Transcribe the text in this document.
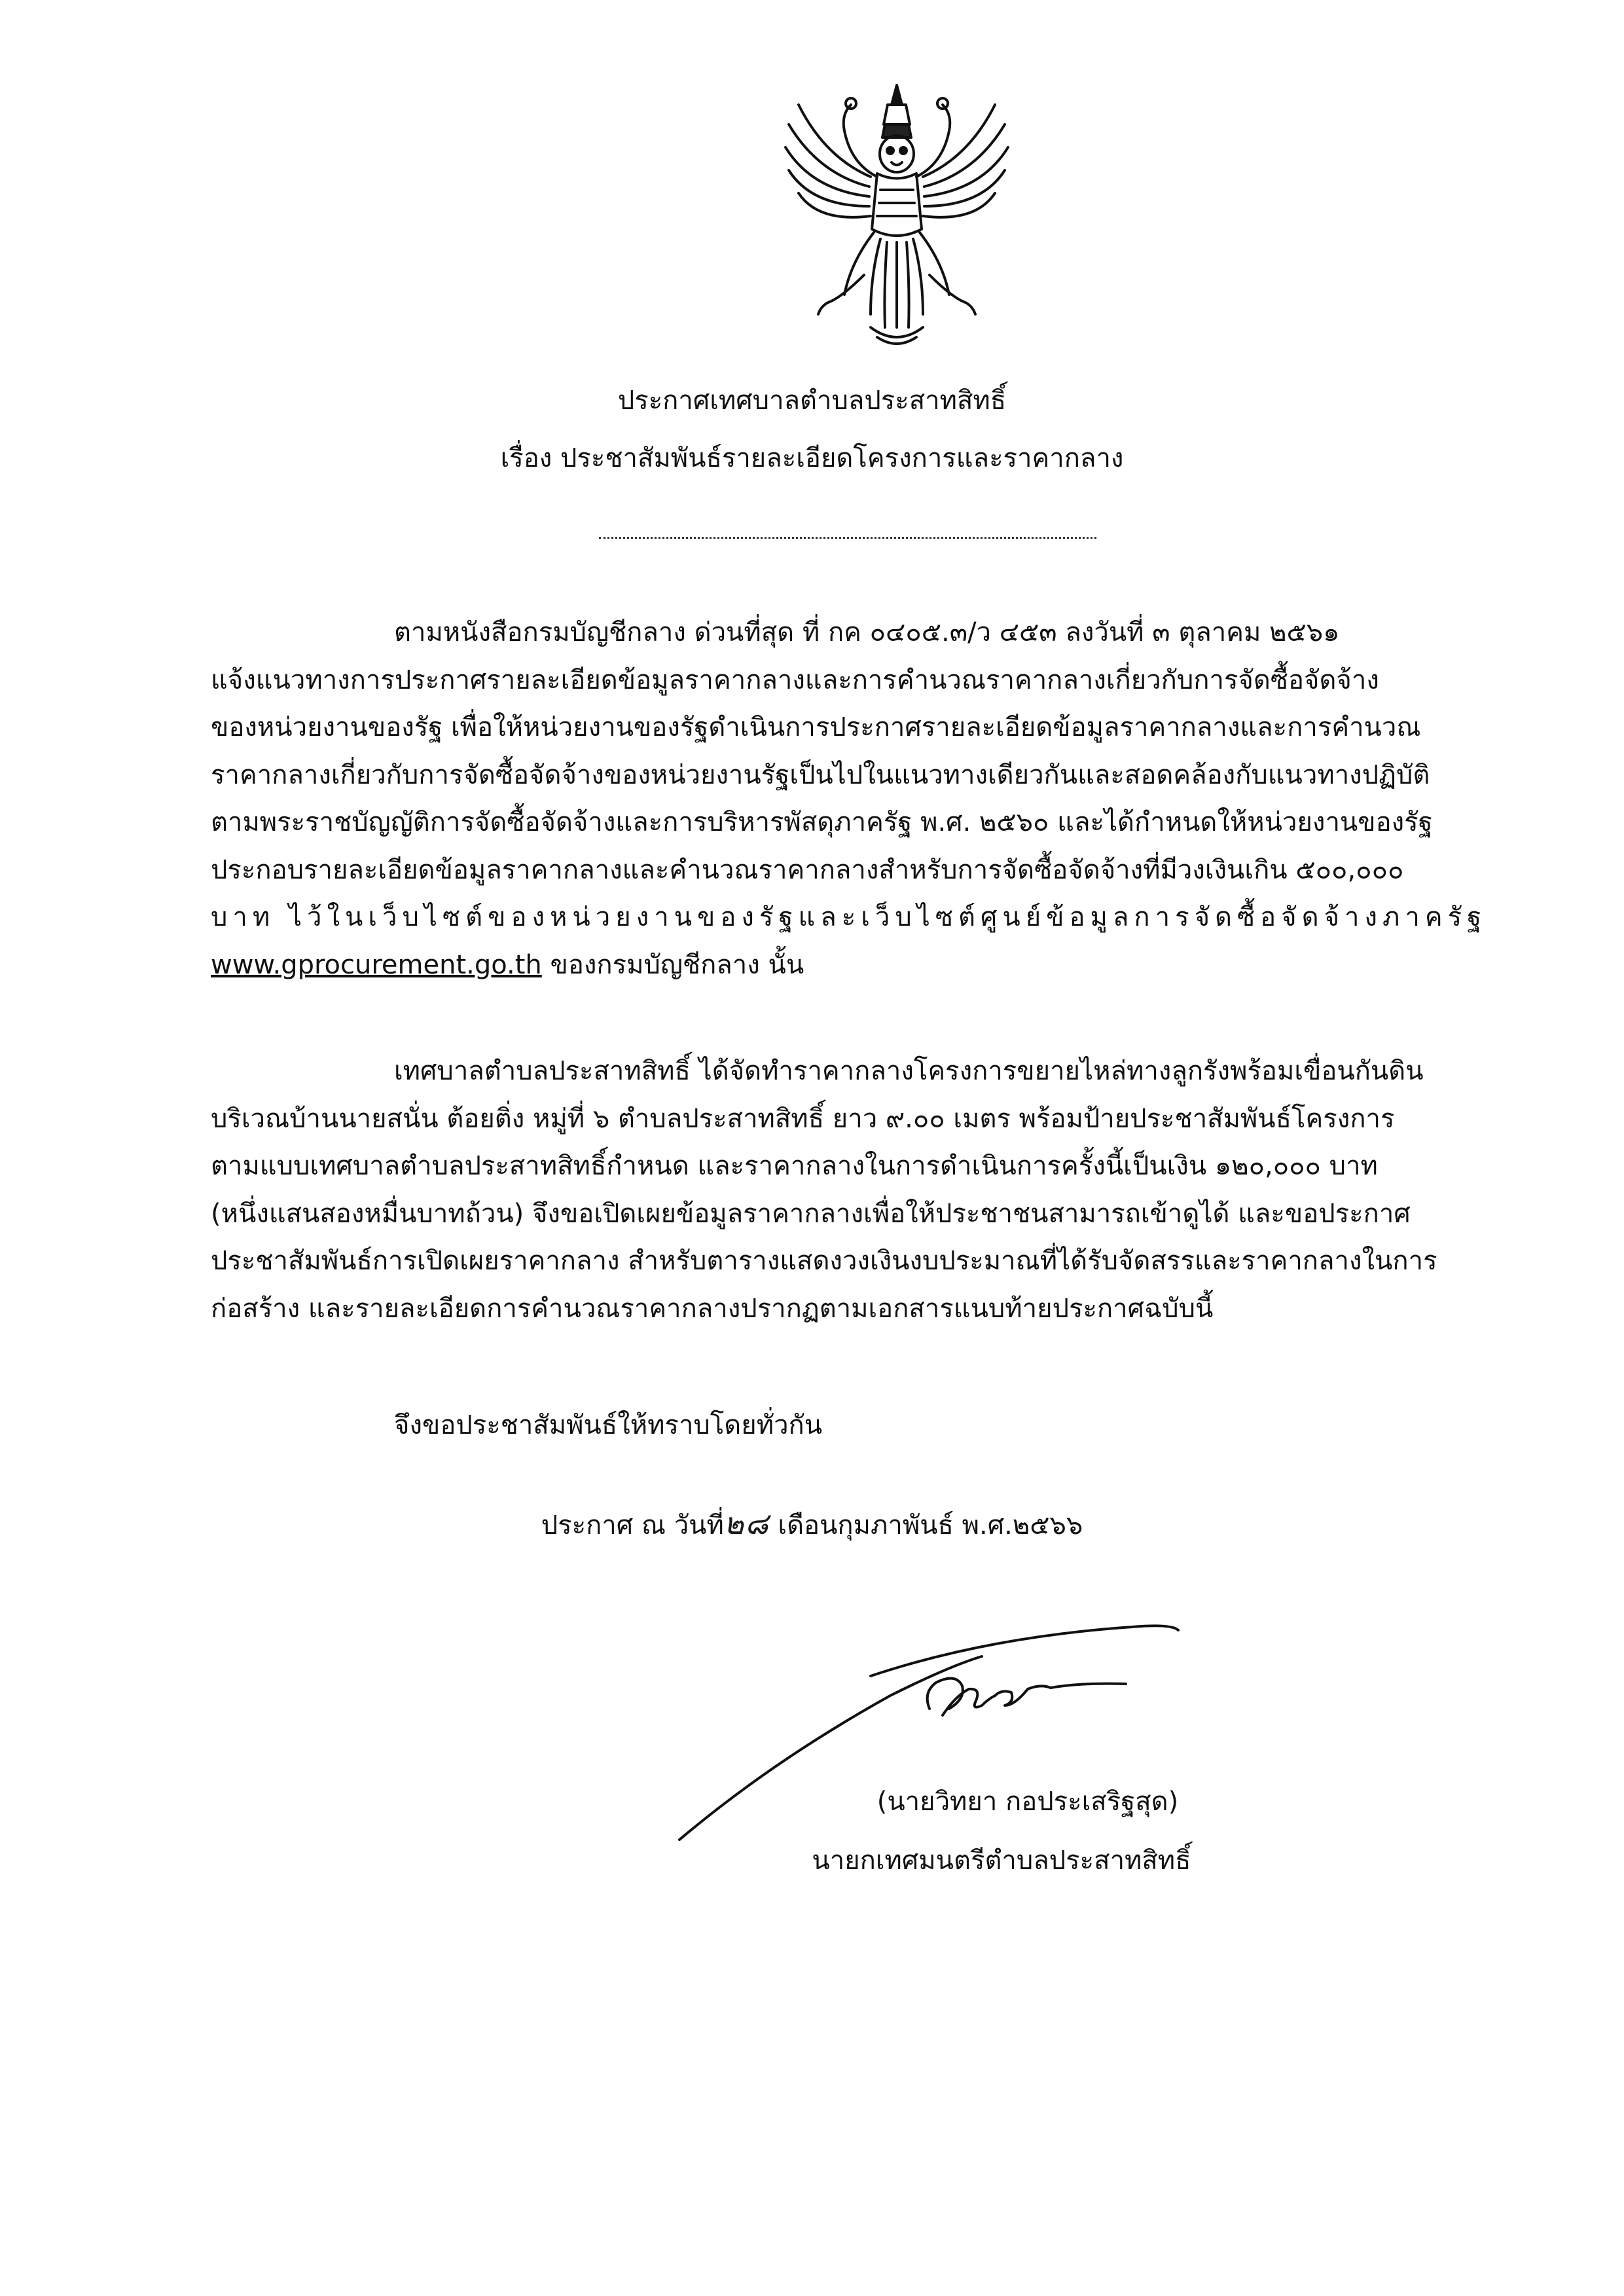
ประกาศเทศบาลตำบลประสาทสิทธิ์
เรื่อง ประชาสัมพันธ์รายละเอียดโครงการและราคากลาง
ตามหนังสือกรมบัญชีกลาง ด่วนที่สุด ที่ กค ๐๔๐๕.๓/ว ๔๕๓ ลงวันที่ ๓ ตุลาคม ๒๕๖๑
แจ้งแนวทางการประกาศรายละเอียดข้อมูลราคากลางและการคำนวณราคากลางเกี่ยวกับการจัดซื้อจัดจ้าง
ของหน่วยงานของรัฐ เพื่อให้หน่วยงานของรัฐดำเนินการประกาศรายละเอียดข้อมูลราคากลางและการคำนวณ
ราคากลางเกี่ยวกับการจัดซื้อจัดจ้างของหน่วยงานรัฐเป็นไปในแนวทางเดียวกันและสอดคล้องกับแนวทางปฏิบัติ
ตามพระราชบัญญัติการจัดซื้อจัดจ้างและการบริหารพัสดุภาครัฐ พ.ศ. ๒๕๖๐ และได้กำหนดให้หน่วยงานของรัฐ
ประกอบรายละเอียดข้อมูลราคากลางและคำนวณราคากลางสำหรับการจัดซื้อจัดจ้างที่มีวงเงินเกิน ๕๐๐,๐๐๐
บาท ไว้ในเว็บไซต์ของหน่วยงานของรัฐและเว็บไซต์ศูนย์ข้อมูลการจัดซื้อจัดจ้างภาครัฐ
www.gprocurement.go.th ของกรมบัญชีกลาง นั้น
เทศบาลตำบลประสาทสิทธิ์ ได้จัดทำราคากลางโครงการขยายไหล่ทางลูกรังพร้อมเขื่อนกันดิน
บริเวณบ้านนายสนั่น ต้อยติ่ง หมู่ที่ ๖ ตำบลประสาทสิทธิ์ ยาว ๙.๐๐ เมตร พร้อมป้ายประชาสัมพันธ์โครงการ
ตามแบบเทศบาลตำบลประสาทสิทธิ์กำหนด และราคากลางในการดำเนินการครั้งนี้เป็นเงิน ๑๒๐,๐๐๐ บาท
(หนึ่งแสนสองหมื่นบาทถ้วน) จึงขอเปิดเผยข้อมูลราคากลางเพื่อให้ประชาชนสามารถเข้าดูได้ และขอประกาศ
ประชาสัมพันธ์การเปิดเผยราคากลาง สำหรับตารางแสดงวงเงินงบประมาณที่ได้รับจัดสรรและราคากลางในการ
ก่อสร้าง และรายละเอียดการคำนวณราคากลางปรากฏตามเอกสารแนบท้ายประกาศฉบับนี้
จึงขอประชาสัมพันธ์ให้ทราบโดยทั่วกัน
ประกาศ ณ วันที่๒๘ เดือนกุมภาพันธ์ พ.ศ.๒๕๖๖
(นายวิทยา กอประเสริฐสุด)
นายกเทศมนตรีตำบลประสาทสิทธิ์
